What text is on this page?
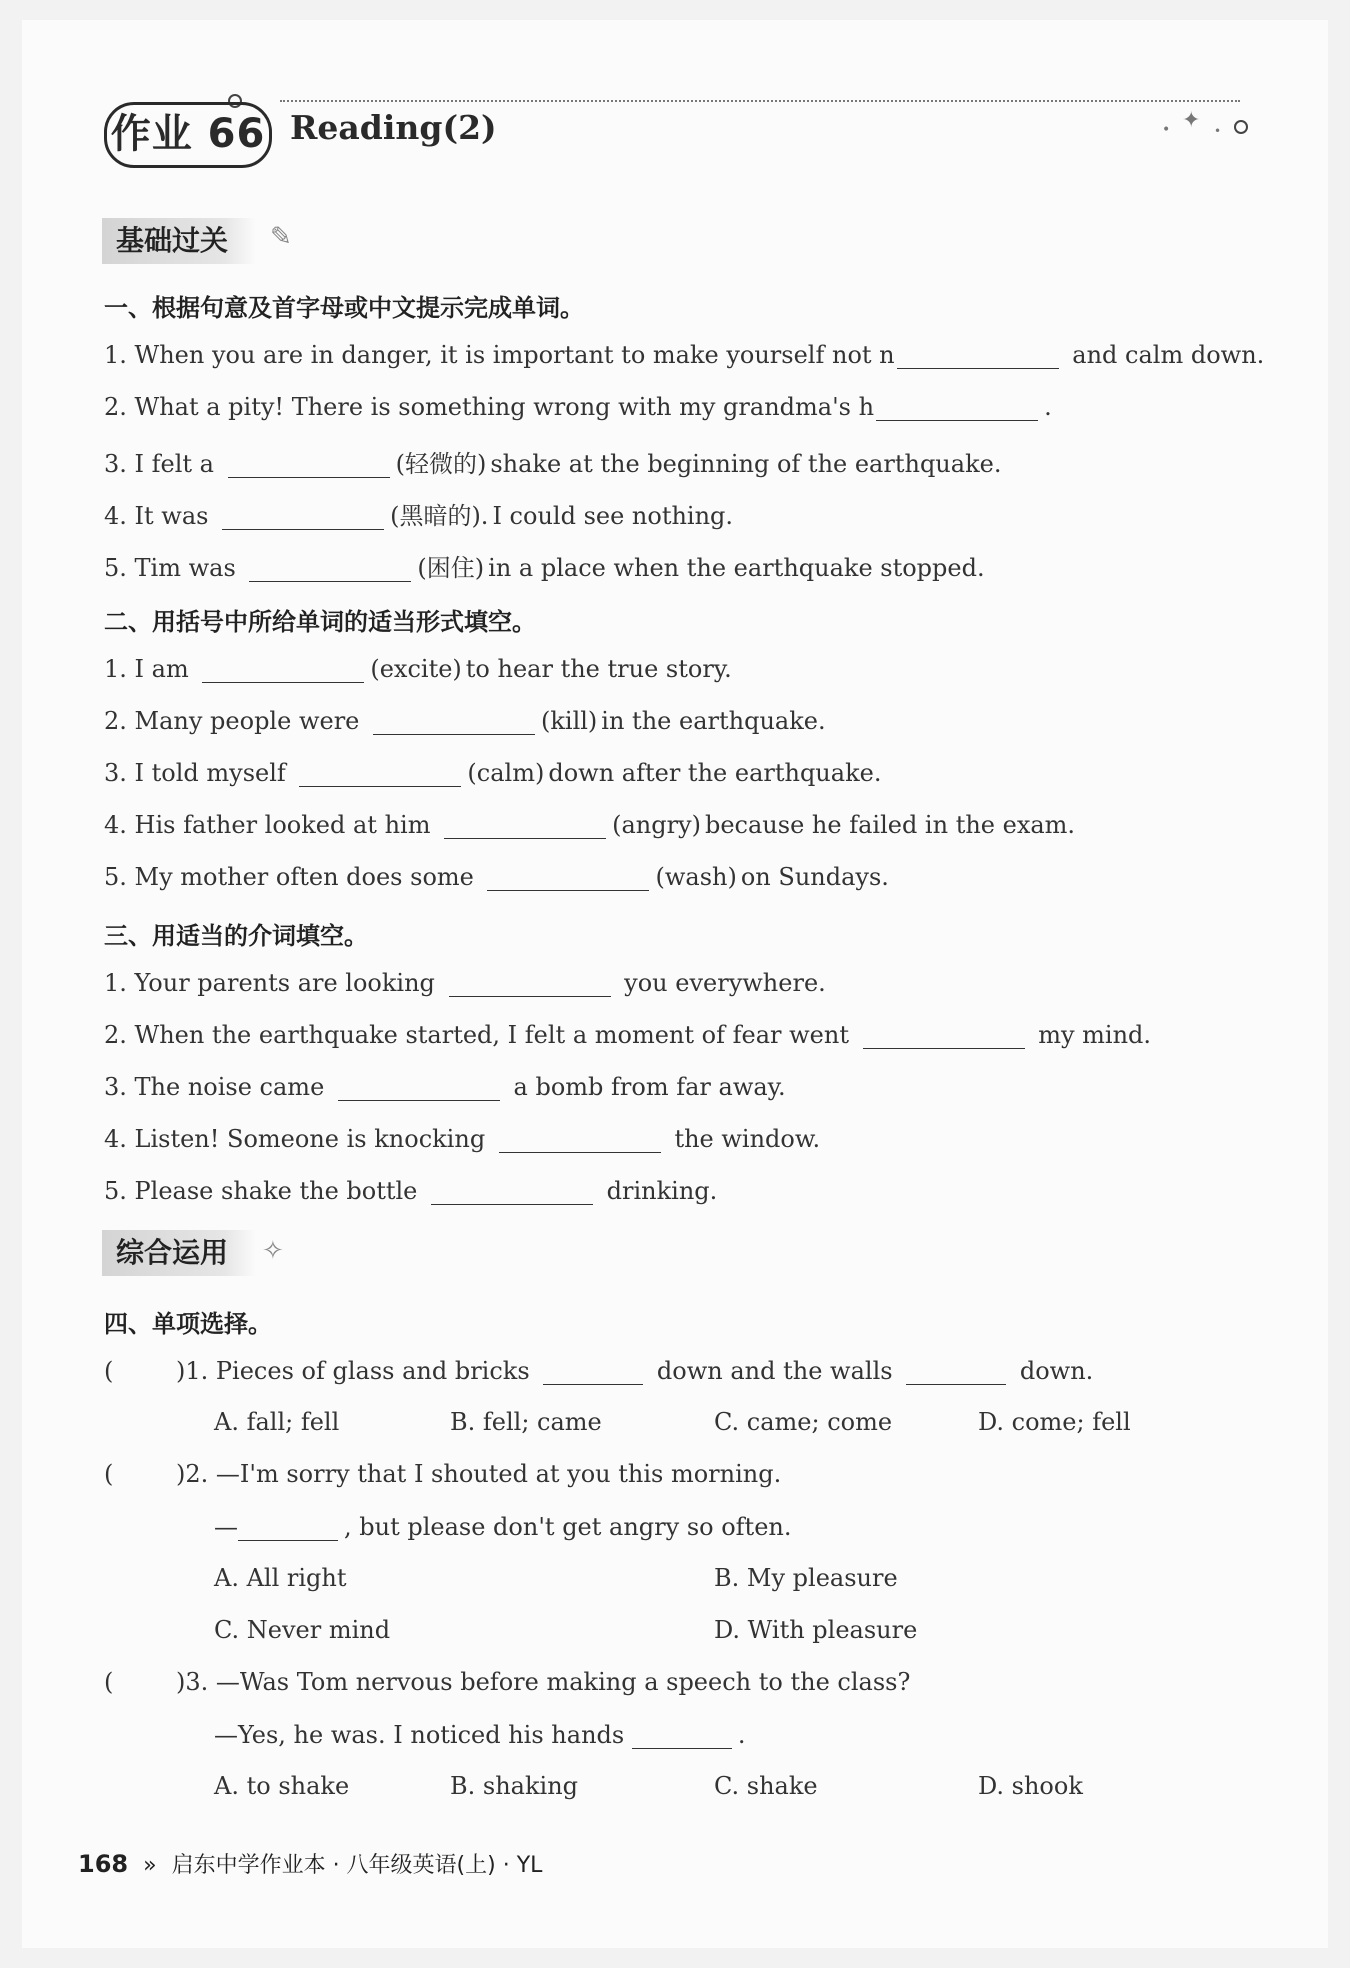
✦
•	•
作业 66 Reading(2)
基础过关	✎
一、根据句意及首字母或中文提示完成单词。
1. When you are in danger, it is important to make yourself not n	and calm down.
2. What a pity! There is something wrong with my grandma's h	.
3. I felt a	(轻微的) shake at the beginning of the earthquake.
4. It was	(黑暗的). I could see nothing.
5. Tim was	(困住) in a place when the earthquake stopped.
二、用括号中所给单词的适当形式填空。
1. I am	(excite) to hear the true story.
2. Many people were	(kill) in the earthquake.
3. I told myself	(calm) down after the earthquake.
4. His father looked at him	(angry) because he failed in the exam.
5. My mother often does some	(wash) on Sundays.
三、用适当的介词填空。
1. Your parents are looking	you everywhere.
2. When the earthquake started, I felt a moment of fear went	my mind.
3. The noise came	a bomb from far away.
4. Listen! Someone is knocking	the window.
5. Please shake the bottle	drinking.
综合运用	✧
四、单项选择。
(	)1. Pieces of glass and bricks	down and the walls	down.
A. fall; fell	B. fell; came	C. came; come	D. come; fell
(	)2. —I'm sorry that I shouted at you this morning.
—	, but please don't get angry so often.
A. All right	B. My pleasure
C. Never mind	D. With pleasure
(	)3. —Was Tom nervous before making a speech to the class?
—Yes, he was. I noticed his hands	.
A. to shake	B. shaking	C. shake	D. shook
168 » 启东中学作业本 · 八年级英语(上) · YL
